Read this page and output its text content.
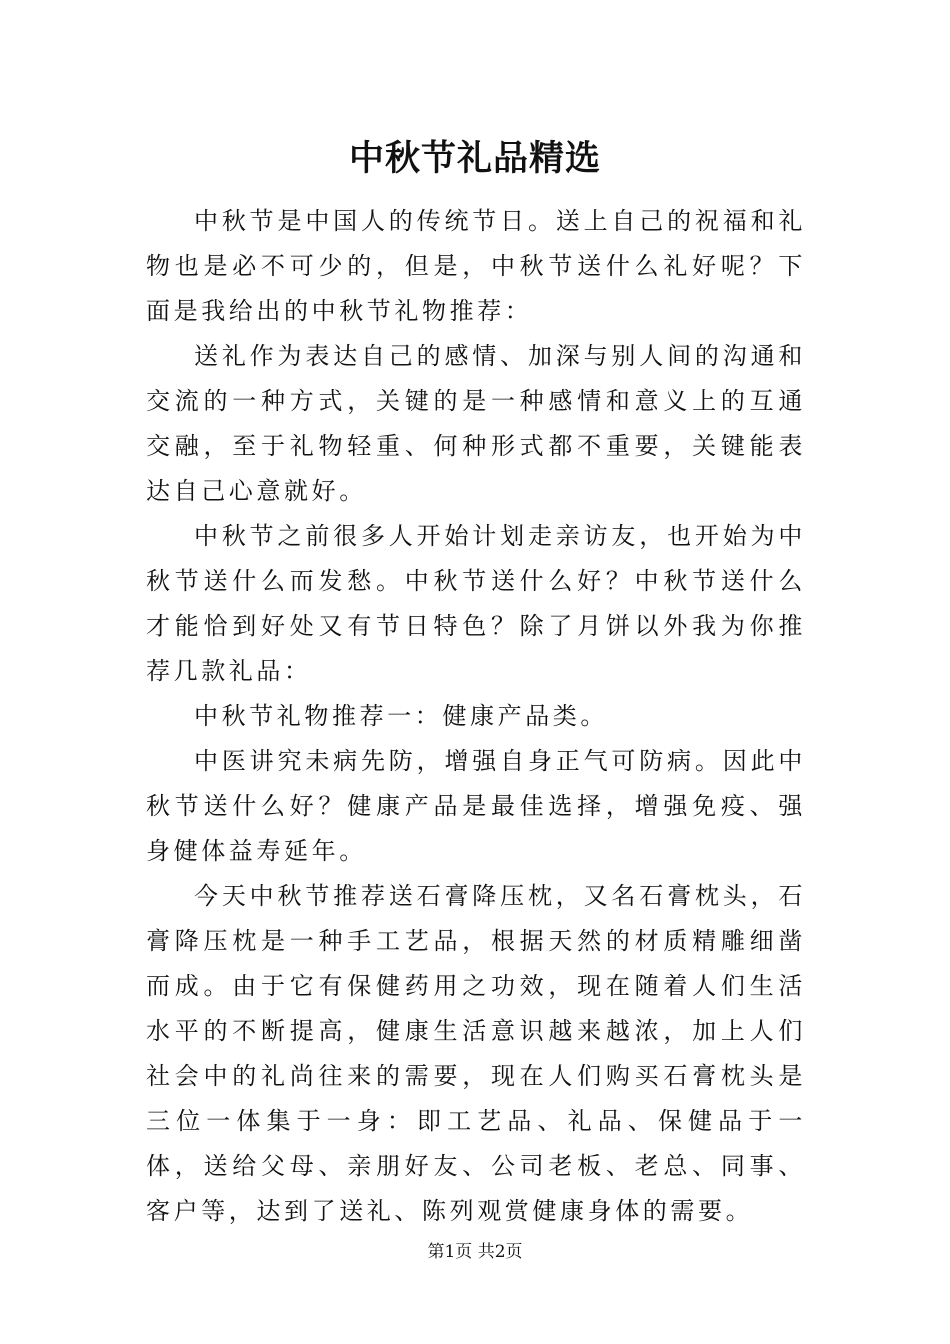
中秋节礼品精选

中秋节是中国人的传统节日。送上自己的祝福和礼物也是必不可少的，但是，中秋节送什么礼好呢？下面是我给出的中秋节礼物推荐：

送礼作为表达自己的感情、加深与别人间的沟通和交流的一种方式，关键的是一种感情和意义上的互通交融，至于礼物轻重、何种形式都不重要，关键能表达自己心意就好。

中秋节之前很多人开始计划走亲访友，也开始为中秋节送什么而发愁。中秋节送什么好？中秋节送什么才能恰到好处又有节日特色？除了月饼以外我为你推荐几款礼品：

中秋节礼物推荐一：健康产品类。

中医讲究未病先防，增强自身正气可防病。因此中秋节送什么好？健康产品是最佳选择，增强免疫、强身健体益寿延年。

今天中秋节推荐送石膏降压枕，又名石膏枕头，石膏降压枕是一种手工艺品，根据天然的材质精雕细凿而成。由于它有保健药用之功效，现在随着人们生活水平的不断提高，健康生活意识越来越浓，加上人们社会中的礼尚往来的需要，现在人们购买石膏枕头是三位一体集于一身：即工艺品、礼品、保健品于一体，送给父母、亲朋好友、公司老板、老总、同事、客户等，达到了送礼、陈列观赏健康身体的需要。

第1页 共2页
